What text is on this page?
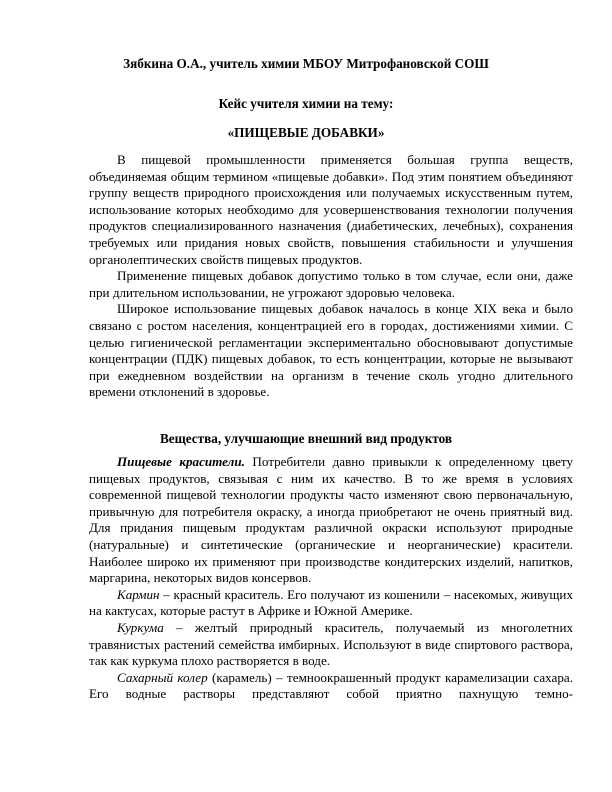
Зябкина О.А., учитель химии МБОУ Митрофановской СОШ

Кейс учителя химии на тему:

«ПИЩЕВЫЕ ДОБАВКИ»

В пищевой промышленности применяется большая группа веществ, объединяемая общим термином «пищевые добавки». Под этим понятием объединяют группу веществ природного происхождения или получаемых искусственным путем, использование которых необходимо для усовершенствования технологии получения продуктов специализированного назначения (диабетических, лечебных), сохранения требуемых или придания новых свойств, повышения стабильности и улучшения органолептических свойств пищевых продуктов.

Применение пищевых добавок допустимо только в том случае, если они, даже при длительном использовании, не угрожают здоровью человека.

Широкое использование пищевых добавок началось в конце XIX века и было связано с ростом населения, концентрацией его в городах, достижениями химии. С целью гигиенической регламентации экспериментально обосновывают допустимые концентрации (ПДК) пищевых добавок, то есть концентрации, которые не вызывают при ежедневном воздействии на организм в течение сколь угодно длительного времени отклонений в здоровье.

Вещества, улучшающие внешний вид продуктов

Пищевые красители. Потребители давно привыкли к определенному цвету пищевых продуктов, связывая с ним их качество. В то же время в условиях современной пищевой технологии продукты часто изменяют свою первоначальную, привычную для потребителя окраску, а иногда приобретают не очень приятный вид. Для придания пищевым продуктам различной окраски используют природные (натуральные) и синтетические (органические и неорганические) красители. Наиболее широко их применяют при производстве кондитерских изделий, напитков, маргарина, некоторых видов консервов.

Кармин – красный краситель. Его получают из кошенили – насекомых, живущих на кактусах, которые растут в Африке и Южной Америке.

Куркума – желтый природный краситель, получаемый из многолетних травянистых растений семейства имбирных. Используют в виде спиртового раствора, так как куркума плохо растворяется в воде.

Сахарный колер (карамель) – темноокрашенный продукт карамелизации сахара. Его водные растворы представляют собой приятно пахнущую темно-
